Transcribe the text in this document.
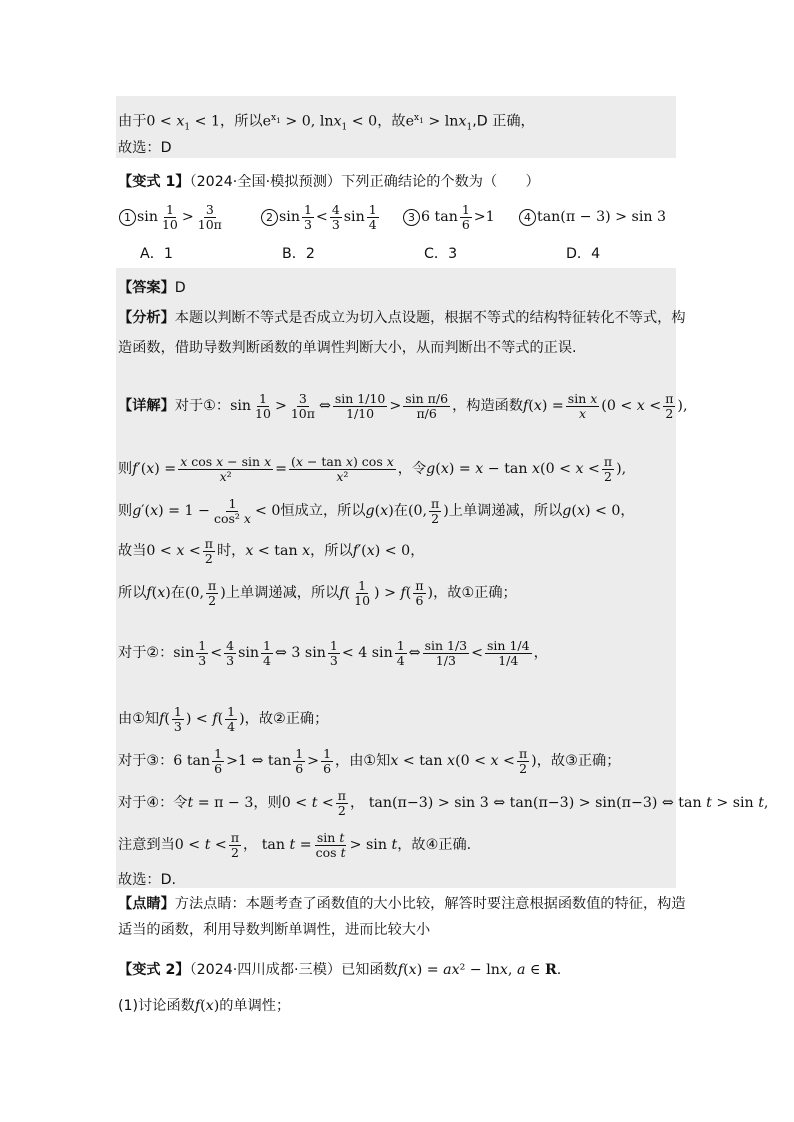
由于$0 < x_1 < 1$，所以$e^{x_1} > 0$, lnx$_1$ < 0，故$e^{x_1} > \ln x_1,D$ 正确，
故选：D
【变式 1】（2024·全国·模拟预测）下列正确结论的个数为（　　）
1 $\sin \frac{1}{10} > \frac{3}{10\pi}$	2 $\sin \frac{1}{3} < \frac{4}{3}$ $\sin \frac{1}{4}$	3 6 $\tan \frac{1}{6} >1$	4 tan(π − 3) > sin 3
A．1	B．2	C．3	D．4
【答案】D
【分析】本题以判断不等式是否成立为切入点设题，根据不等式的结构特征转化不等式，构
造函数，借助导数判断函数的单调性判断大小，从而判断出不等式的正误.
【详解】对于①：$\sin \frac{1}{10} > \frac{3}{10\pi}$ ⇔ $\frac{\sin 1/10}{1/10} > \frac{\text{sin π/6}}{\pi/6}$ ，构造函数$f(x) = \frac{\text{sin x}}{x} (0 < x < \frac{\pi}{2}$ ),
则$f'(x) = \frac{\text{x cos x − sin x}}{\text{x²}} = \frac{\text{(x − tan x) cos x}}{\text{x²}}$ ，令$g(x) = x - \tan x(0 < x < \frac{\pi}{2}$ ),
则$g'(x) = 1 - \frac{1}{\text{cos² x}} < 0$恒成立，所以g(x)在(0, $\frac{\pi}{2}$ )上单调递减，所以g(x) < 0，
故当$0 < x < \frac{\pi}{2}$ 时，x < tan x，所以f′(x) < 0，
所以f(x)在(0, $\frac{\pi}{2}$ )上单调递减，所以$f( \frac{1}{10}$ ) > $f( \frac{\pi}{6}$ )，故①正确；
对于②：$\sin \frac{1}{3} < \frac{4}{3}$ $\sin \frac{1}{4}$ ⇔ 3 $\sin \frac{1}{3} < 4$ $\sin \frac{1}{4}$ ⇔ $\frac{\sin 1/3}{1/3} < \frac{\sin 1/4}{1/4}$ ，
由①知$f( \frac{1}{3}$ ) < $f( \frac{1}{4}$ )，故②正确；
对于③：6 $\tan \frac{1}{6} >1$ ⇔ $\tan \frac{1}{6} > \frac{1}{6}$ ，由①知$x < \tan x(0 < x < \frac{\pi}{2}$ )，故③正确；
对于④：令t = π − 3，则$0 < t < \frac{\pi}{2}$ ， tan(π−3) > sin 3 ⇔ tan(π−3) > sin(π−3) ⇔ tan t > sin t,
注意到当$0 < t < \frac{\pi}{2}$ ， $\tan t = \frac{\text{sin t}}{\text{cos t}} > \sin t$，故④正确.
故选：D.
【点睛】方法点睛：本题考查了函数值的大小比较，解答时要注意根据函数值的特征，构造
适当的函数，利用导数判断单调性，进而比较大小
【变式 2】（2024·四川成都·三模）已知函数f(x) = ax² − lnx, a ∈ R.
(1)讨论函数f(x)的单调性；
